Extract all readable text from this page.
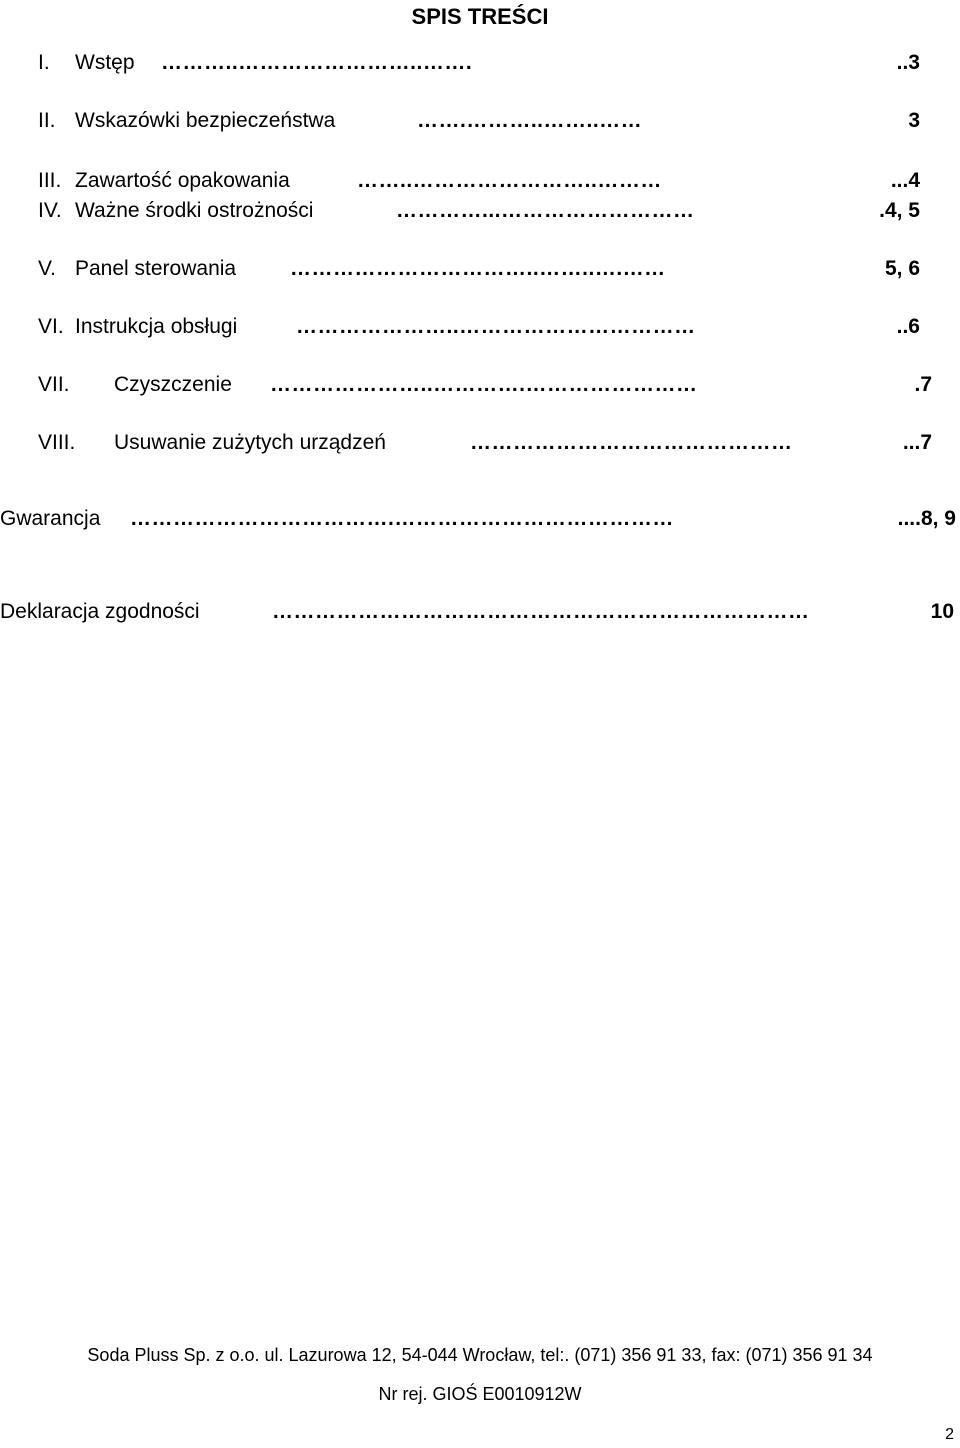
SPIS TREŚCI
I. Wstęp ………..……………………..…….	..3
II. Wskazówki bezpieczeństwa	…….………..……..……	3
III. Zawartość opakowania	……..……………………..………	...4
IV. Ważne środki ostrożności	…………...………………………	.4, 5
V. Panel sterowania	……………………………..……..….……	5, 6
VI. Instrukcja obsługi	…………………..……………………………	..6
VII. Czyszczenie …………………..………….……………………	.7
VIII. Usuwanie zużytych urządzeń	………………………………………	...7
Gwarancja ……………………………….…………………………………	....8, 9
Deklaracja zgodności	…………………………………………………………………	10
Soda Pluss Sp. z o.o. ul. Lazurowa 12, 54-044 Wrocław, tel:. (071) 356 91 33, fax: (071) 356 91 34
Nr rej. GIOŚ E0010912W
2
